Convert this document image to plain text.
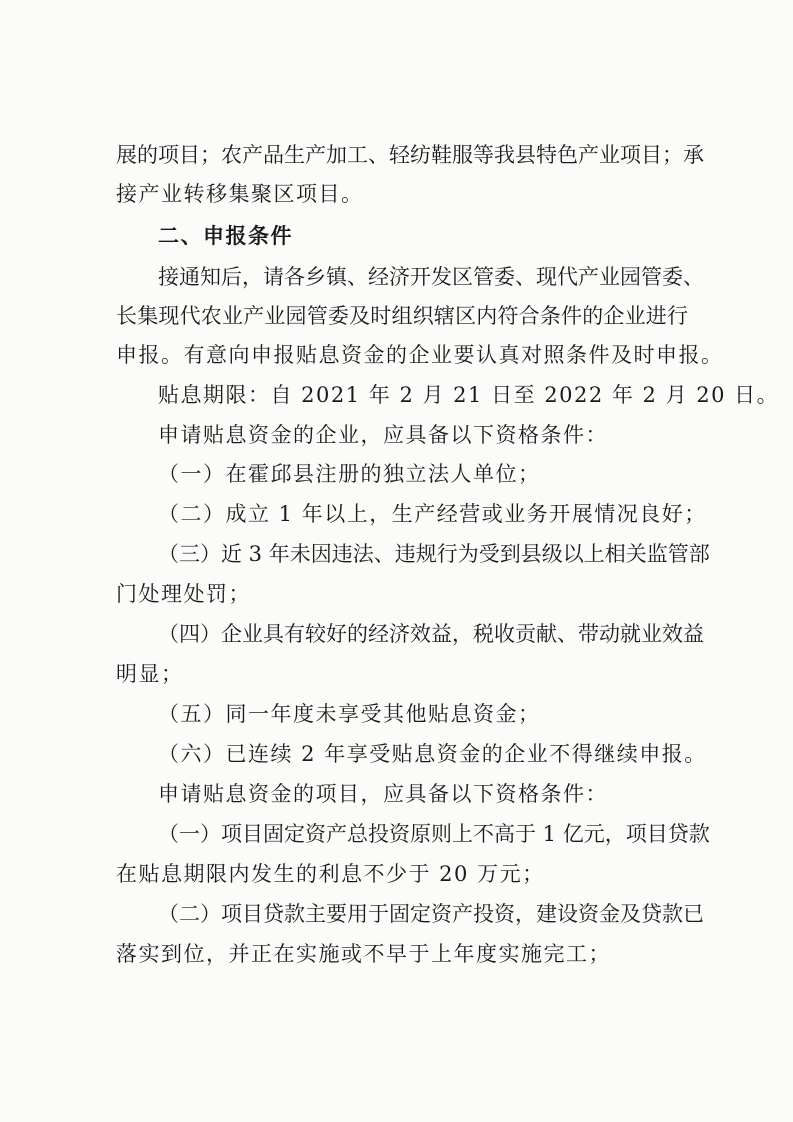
展的项目；农产品生产加工、轻纺鞋服等我县特色产业项目；承
接产业转移集聚区项目。
二、申报条件
接通知后，请各乡镇、经济开发区管委、现代产业园管委、
长集现代农业产业园管委及时组织辖区内符合条件的企业进行
申报。有意向申报贴息资金的企业要认真对照条件及时申报。
贴息期限：自 2021 年 2 月 21 日至 2022 年 2 月 20 日。
申请贴息资金的企业，应具备以下资格条件：
（一）在霍邱县注册的独立法人单位；
（二）成立 1 年以上，生产经营或业务开展情况良好；
（三）近 3 年未因违法、违规行为受到县级以上相关监管部
门处理处罚；
（四）企业具有较好的经济效益，税收贡献、带动就业效益
明显；
（五）同一年度未享受其他贴息资金；
（六）已连续 2 年享受贴息资金的企业不得继续申报。
申请贴息资金的项目，应具备以下资格条件：
（一）项目固定资产总投资原则上不高于 1 亿元，项目贷款
在贴息期限内发生的利息不少于 20 万元；
（二）项目贷款主要用于固定资产投资，建设资金及贷款已
落实到位，并正在实施或不早于上年度实施完工；
